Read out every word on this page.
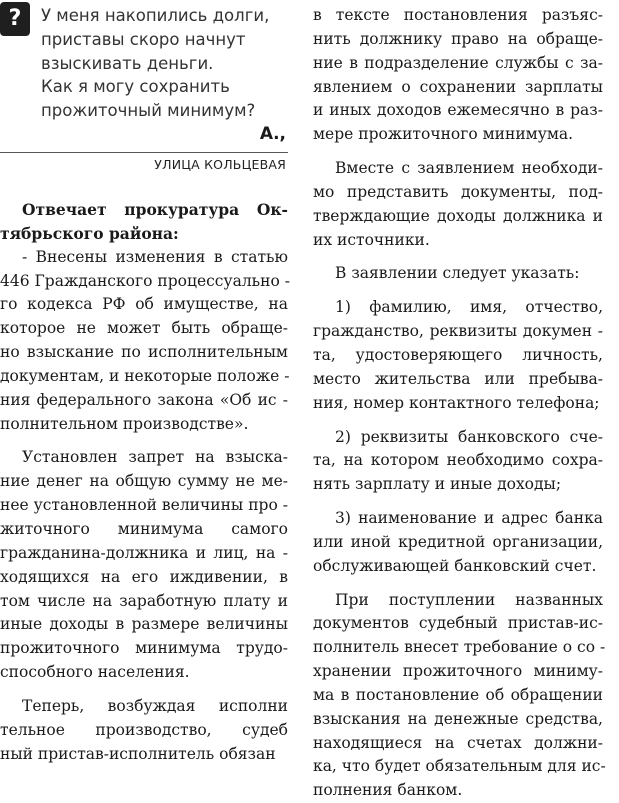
?	У меня накопились долги,
приставы скоро начнут
взыскивать деньги.
Как я могу сохранить
прожиточный минимум?
А.,
УЛИЦА КОЛЬЦЕВАЯ
Отвечает прокуратура Ок-
тябрьского района:
- Внесены изменения в статью
446 Гражданского процессуально -
го кодекса РФ об имуществе, на
которое не может быть обраще-
но взыскание по исполнительным
документам, и некоторые положе -
ния федерального закона «Об ис -
полнительном производстве».
Установлен запрет на взыска-
ние денег на общую сумму не ме-
нее установленной величины про -
житочного минимума самого
гражданина-должника и лиц, на -
ходящихся на его иждивении, в
том числе на заработную плату и
иные доходы в размере величины
прожиточного минимума трудо-
способного населения.
Теперь, возбуждая исполни
тельное производство, судеб
ный пристав-исполнитель обязан
в тексте постановления разъяс-
нить должнику право на обраще-
ние в подразделение службы с за-
явлением о сохранении зарплаты
и иных доходов ежемесячно в раз-
мере прожиточного минимума.
Вместе с заявлением необходи-
мо представить документы, под-
тверждающие доходы должника и
их источники.
В заявлении следует указать:
1) фамилию, имя, отчество,
гражданство, реквизиты докумен -
та, удостоверяющего личность,
место жительства или пребыва-
ния, номер контактного телефона;
2) реквизиты банковского сче-
та, на котором необходимо сохра-
нять зарплату и иные доходы;
3) наименование и адрес банка
или иной кредитной организации,
обслуживающей банковский счет.
При поступлении названных
документов судебный пристав-ис-
полнитель внесет требование о со -
хранении прожиточного миниму-
ма в постановление об обращении
взыскания на денежные средства,
находящиеся на счетах должни-
ка, что будет обязательным для ис-
полнения банком.
